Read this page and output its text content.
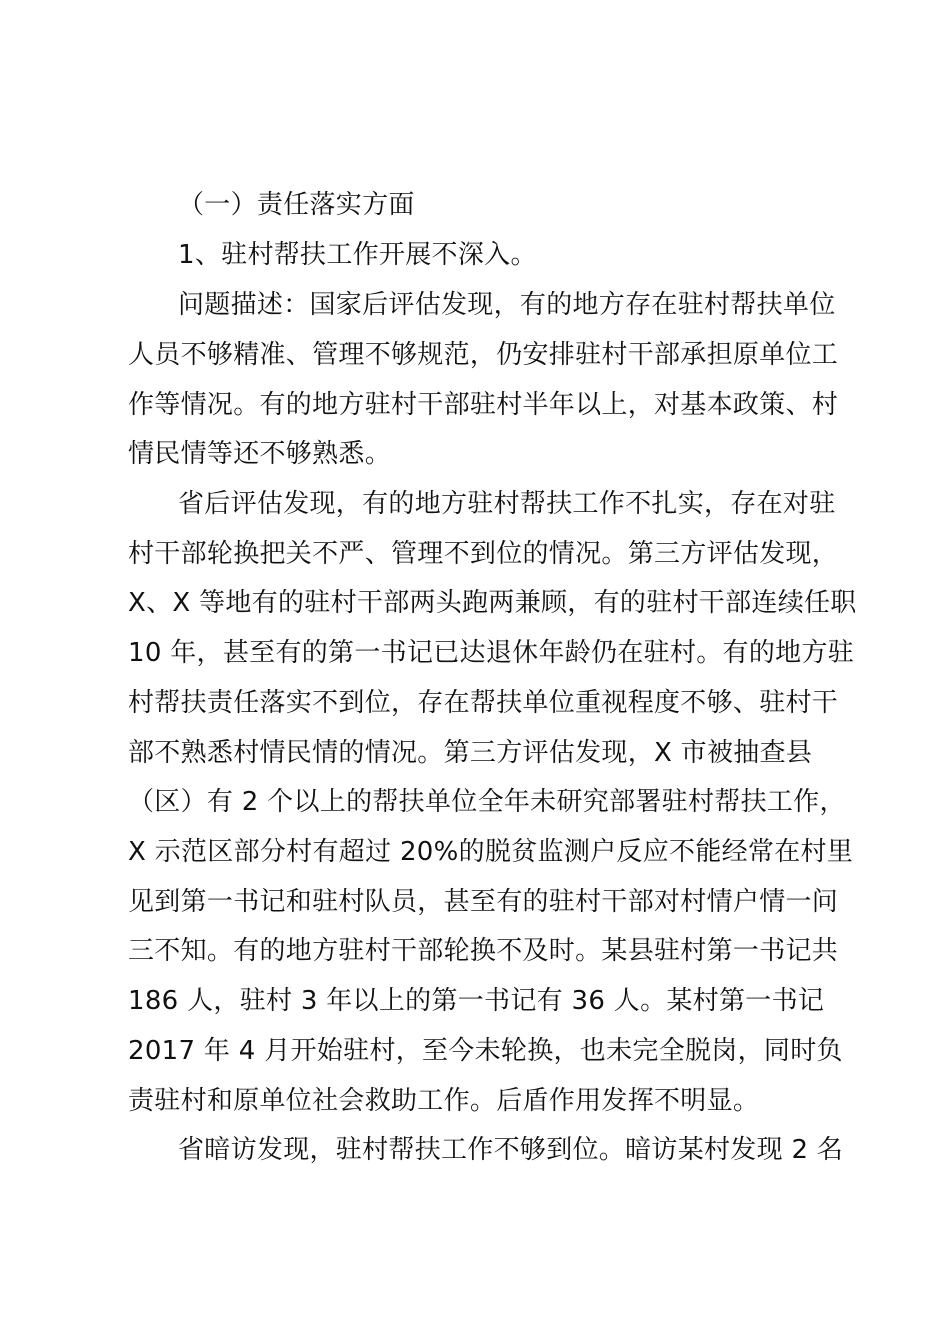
（一）责任落实方面
1、驻村帮扶工作开展不深入。
问题描述：国家后评估发现，有的地方存在驻村帮扶单位
人员不够精准、管理不够规范，仍安排驻村干部承担原单位工
作等情况。有的地方驻村干部驻村半年以上，对基本政策、村
情民情等还不够熟悉。
省后评估发现，有的地方驻村帮扶工作不扎实，存在对驻
村干部轮换把关不严、管理不到位的情况。第三方评估发现，
X、X 等地有的驻村干部两头跑两兼顾，有的驻村干部连续任职
10 年，甚至有的第一书记已达退休年龄仍在驻村。有的地方驻
村帮扶责任落实不到位，存在帮扶单位重视程度不够、驻村干
部不熟悉村情民情的情况。第三方评估发现，X 市被抽查县
（区）有 2 个以上的帮扶单位全年未研究部署驻村帮扶工作，
X 示范区部分村有超过 20%的脱贫监测户反应不能经常在村里
见到第一书记和驻村队员，甚至有的驻村干部对村情户情一问
三不知。有的地方驻村干部轮换不及时。某县驻村第一书记共
186 人，驻村 3 年以上的第一书记有 36 人。某村第一书记
2017 年 4 月开始驻村，至今未轮换，也未完全脱岗，同时负
责驻村和原单位社会救助工作。后盾作用发挥不明显。
省暗访发现，驻村帮扶工作不够到位。暗访某村发现 2 名
